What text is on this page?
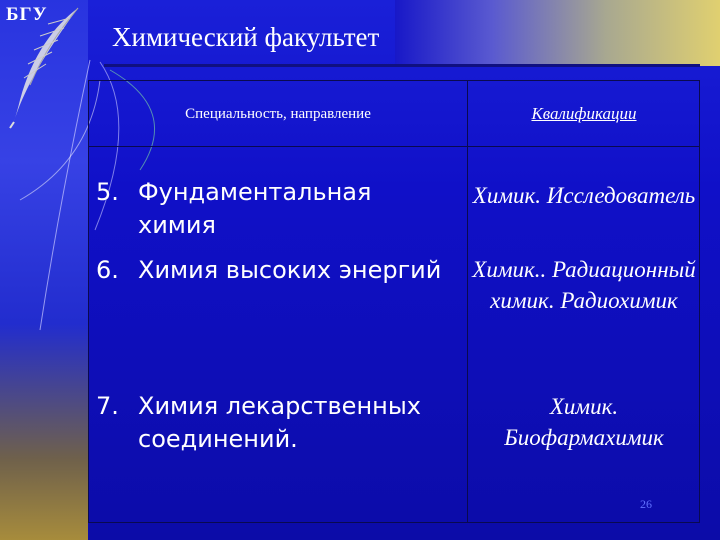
БГУ
Химический факультет
Специальность, направление	Квалификации
5. Фундаментальная химия
6. Химия высоких энергий
7. Химия лекарственных соединений.
Химик. Исследователь
Химик.. Радиационный химик. Радиохимик
Химик. Биофармахимик
26
